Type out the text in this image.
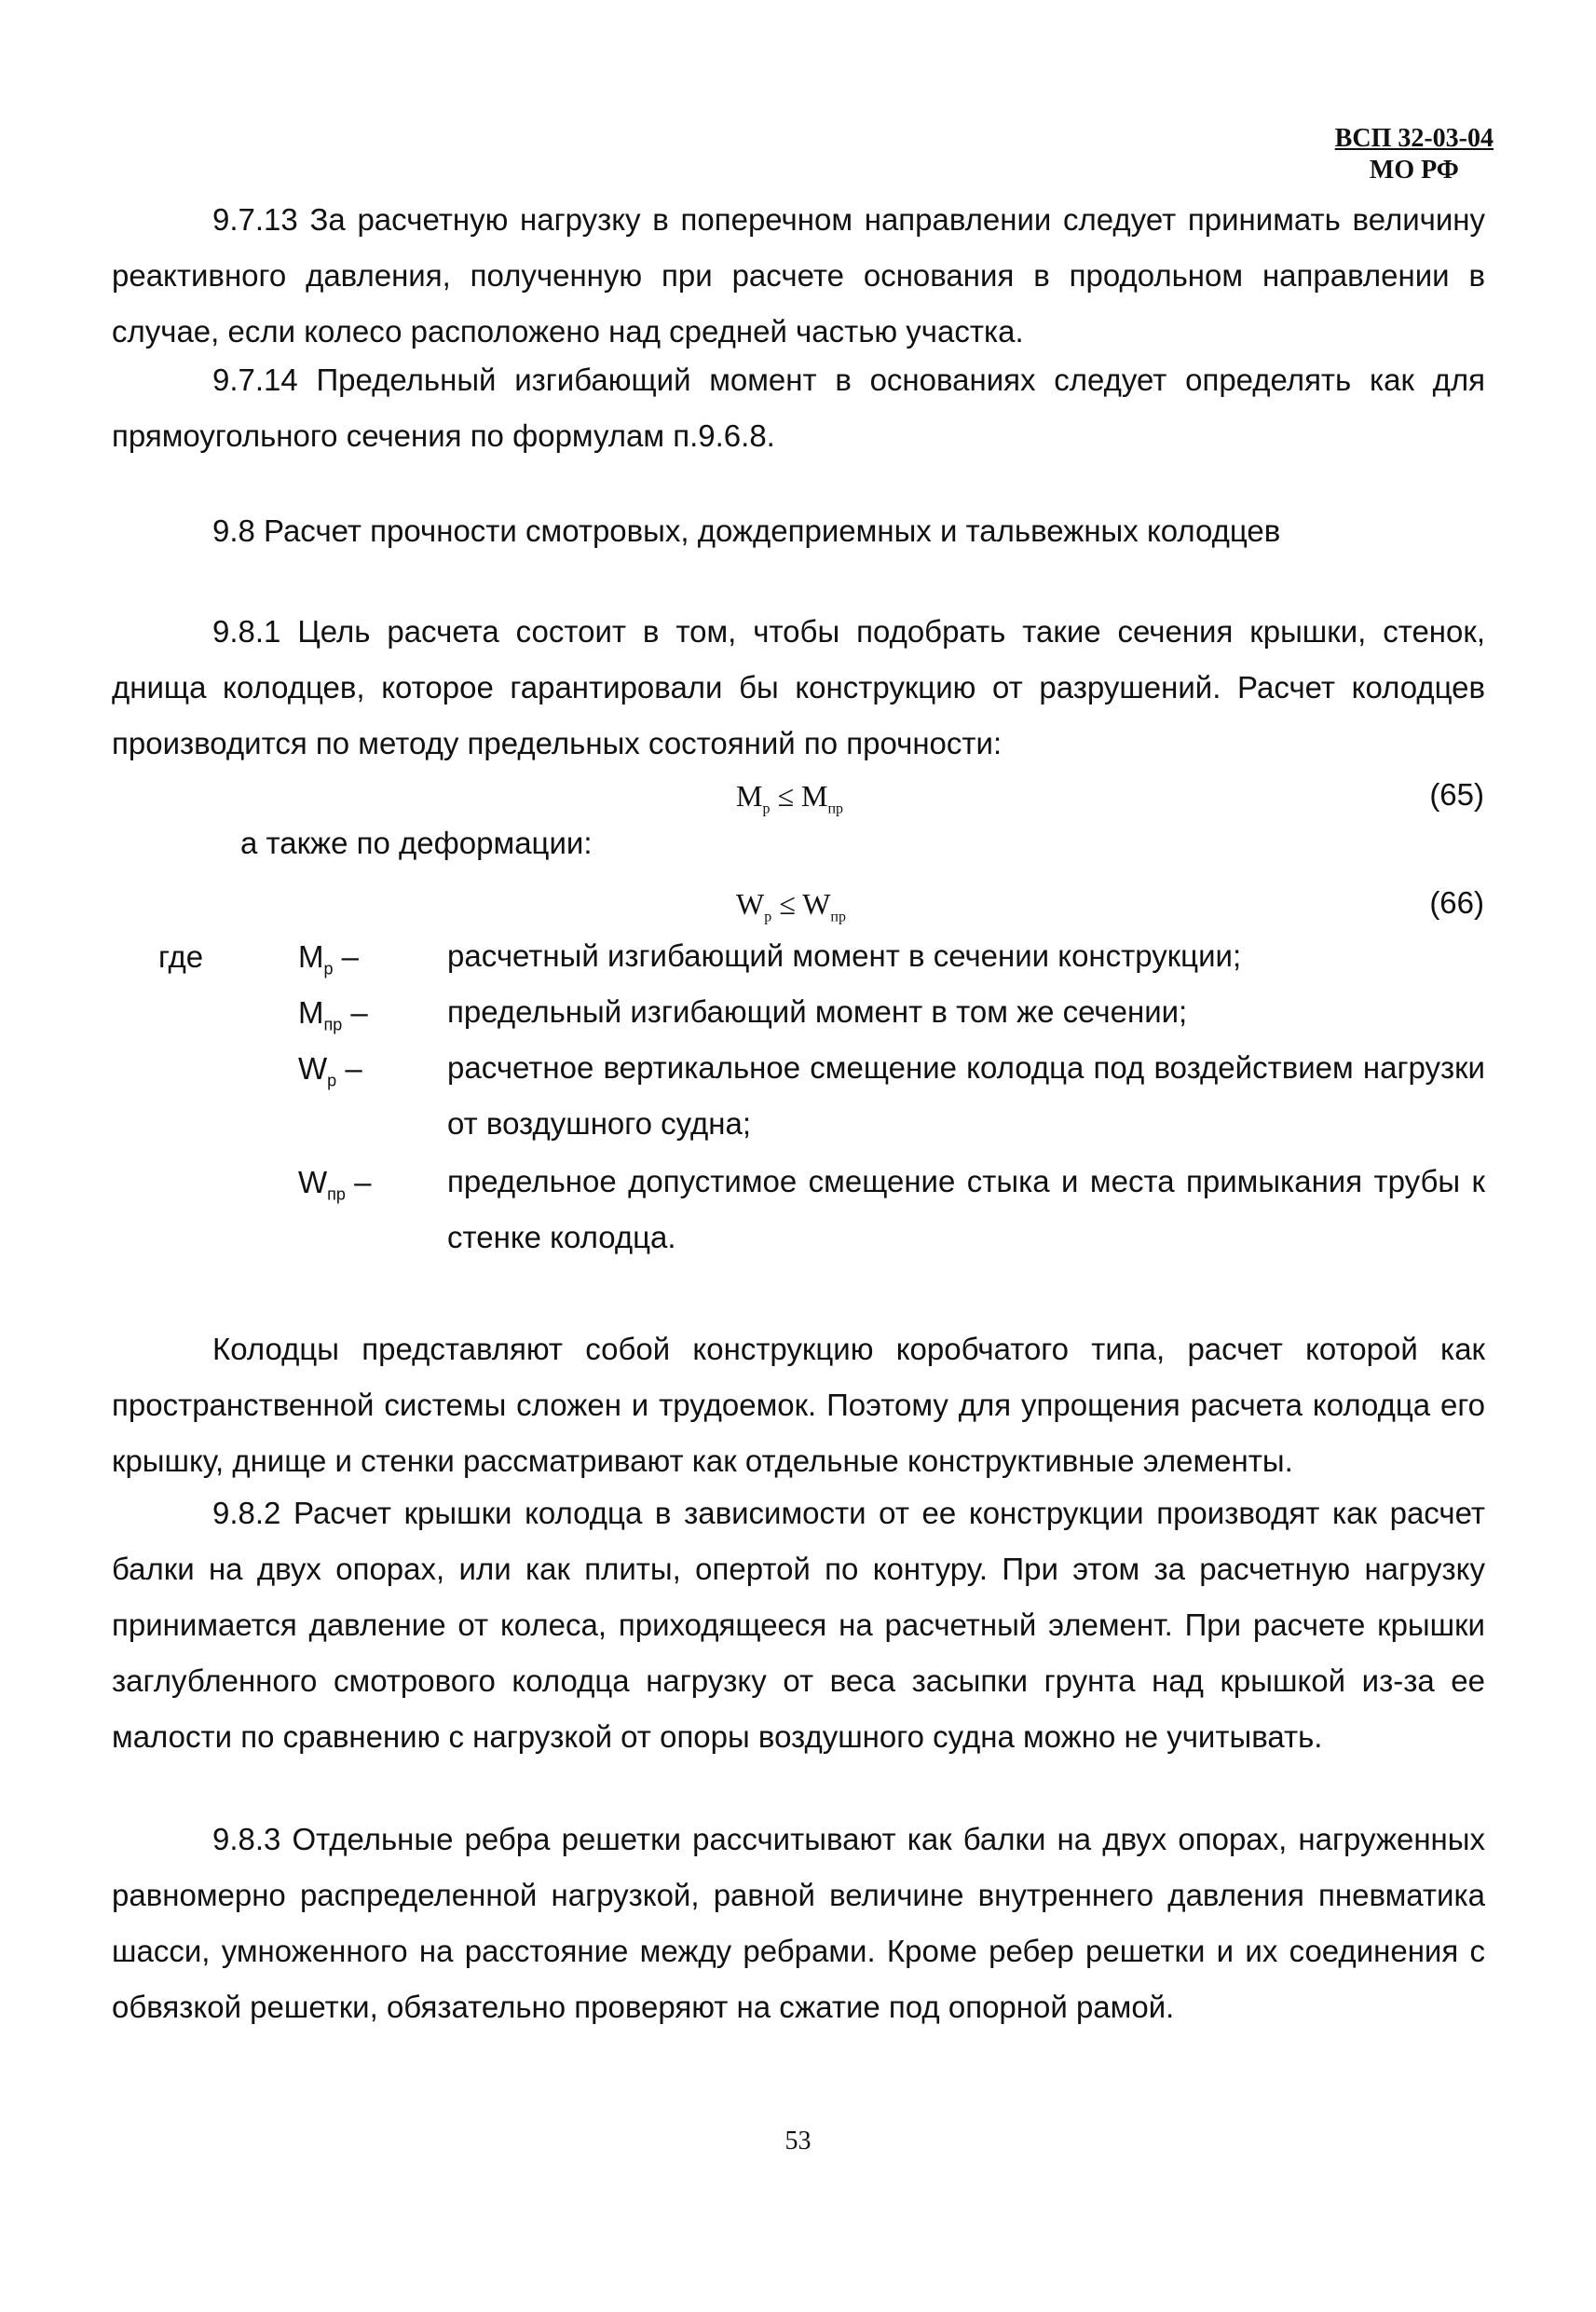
ВСП 32-03-04
МО РФ

9.7.13 За расчетную нагрузку в поперечном направлении следует принимать величину реактивного давления, полученную при расчете основания в продольном направлении в случае, если колесо расположено над средней частью участка.

9.7.14 Предельный изгибающий момент в основаниях следует определять как для прямоугольного сечения по формулам п.9.6.8.

9.8 Расчет прочности смотровых, дождеприемных и тальвежных колодцев

9.8.1 Цель расчета состоит в том, чтобы подобрать такие сечения крышки, стенок, днища колодцев, которое гарантировали бы конструкцию от разрушений. Расчет колодцев производится по методу предельных состояний по прочности:

$M_p \le M_{пр}$	(65)
а также по деформации:
$W_p \le W_{пр}$	(66)
где	$M_p$ –	расчетный изгибающий момент в сечении конструкции;

$M_{пр}$ –	предельный изгибающий момент в том же сечении;

$W_p$ –	расчетное вертикальное смещение колодца под воздействием нагрузки от воздушного судна;

$W_{пр}$ –	предельное допустимое смещение стыка и места примыкания трубы к стенке колодца.

Колодцы представляют собой конструкцию коробчатого типа, расчет которой как пространственной системы сложен и трудоемок. Поэтому для упрощения расчета колодца его крышку, днище и стенки рассматривают как отдельные конструктивные элементы.

9.8.2 Расчет крышки колодца в зависимости от ее конструкции производят как расчет балки на двух опорах, или как плиты, опертой по контуру. При этом за расчетную нагрузку принимается давление от колеса, приходящееся на расчетный элемент. При расчете крышки заглубленного смотрового колодца нагрузку от веса засыпки грунта над крышкой из-за ее малости по сравнению с нагрузкой от опоры воздушного судна можно не учитывать.

9.8.3 Отдельные ребра решетки рассчитывают как балки на двух опорах, нагруженных равномерно распределенной нагрузкой, равной величине внутреннего давления пневматика шасси, умноженного на расстояние между ребрами. Кроме ребер решетки и их соединения с обвязкой решетки, обязательно проверяют на сжатие под опорной рамой.

53
